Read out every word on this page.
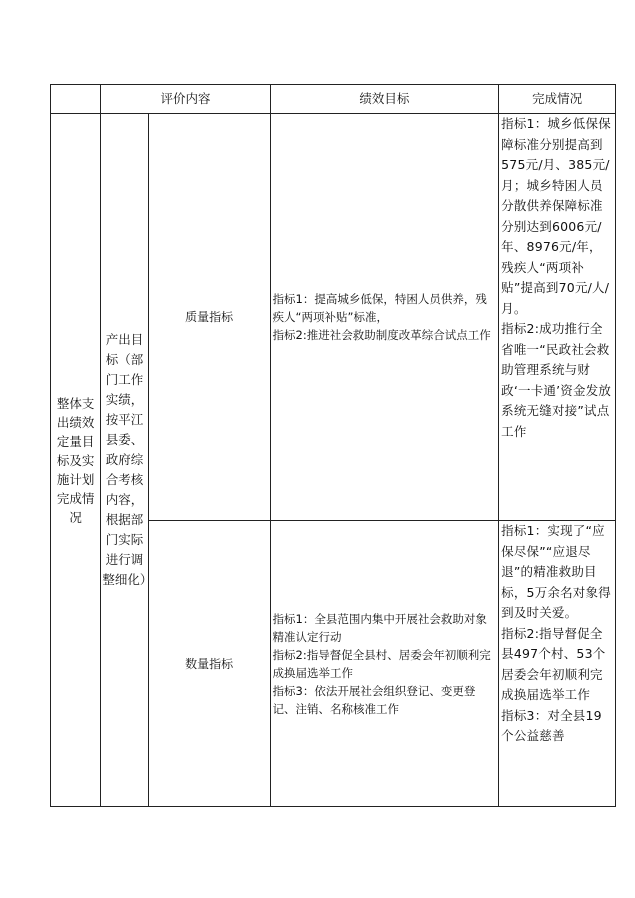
	评价内容		绩效目标	完成情况
整体支出绩效定量目标及实施计划完成情况	产出目标（部门工作实绩，按平江县委、政府综合考核内容，根据部门实际进行调整细化）	质量指标	指标1：提高城乡低保，特困人员供养，残疾人“两项补贴”标准，
指标2:推进社会救助制度改革综合试点工作	指标1：城乡低保保障标准分别提高到575元/月、385元/月；城乡特困人员分散供养保障标准分别达到6006元/年、8976元/年，残疾人“两项补贴”提高到70元/人/月。
指标2:成功推行全省唯一“民政社会救助管理系统与财政‘一卡通’资金发放系统无缝对接”试点工作
		数量指标	指标1：全县范围内集中开展社会救助对象精准认定行动
指标2:指导督促全县村、居委会年初顺利完成换届选举工作
指标3：依法开展社会组织登记、变更登记、注销、名称核准工作	指标1：实现了“应保尽保”“应退尽退”的精准救助目标，5万余名对象得到及时关爱。
指标2:指导督促全县497个村、53个居委会年初顺利完成换届选举工作
指标3：对全县19个公益慈善
